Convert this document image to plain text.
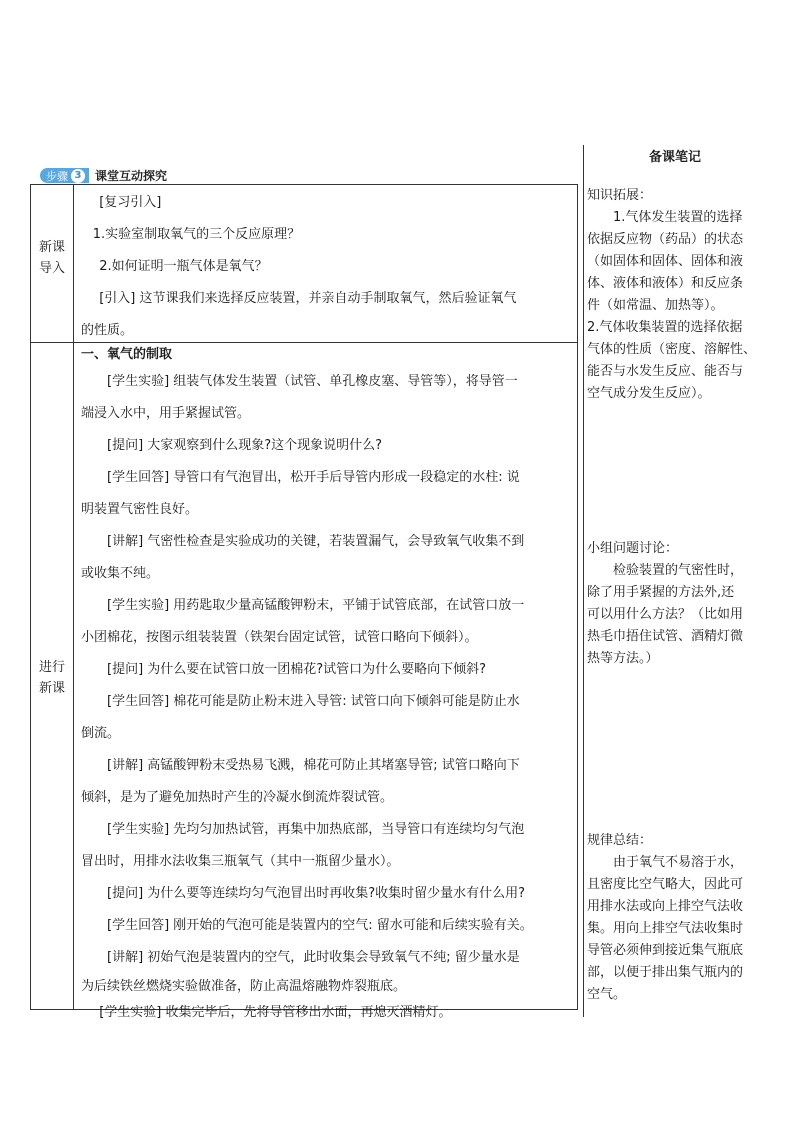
步骤 3 课堂互动探究
新课
导入

[复习引入]

1.实验室制取氧气的三个反应原理？

2.如何证明一瓶气体是氧气？

[引入] 这节课我们来选择反应装置，并亲自动手制取氧气，然后验证氧气

的性质。

进行
新课

一、氧气的制取

[学生实验] 组装气体发生装置（试管、单孔橡皮塞、导管等），将导管一

端浸入水中，用手紧握试管。

[提问] 大家观察到什么现象?这个现象说明什么?

[学生回答] 导管口有气泡冒出，松开手后导管内形成一段稳定的水柱: 说

明装置气密性良好。

[讲解] 气密性检查是实验成功的关键，若装置漏气，会导致氧气收集不到

或收集不纯。

[学生实验] 用药匙取少量高锰酸钾粉末，平铺于试管底部，在试管口放一

小团棉花，按图示组装装置（铁架台固定试管，试管口略向下倾斜）。

[提问] 为什么要在试管口放一团棉花?试管口为什么要略向下倾斜?

[学生回答] 棉花可能是防止粉末进入导管: 试管口向下倾斜可能是防止水

倒流。

[讲解] 高锰酸钾粉末受热易飞溅，棉花可防止其堵塞导管; 试管口略向下

倾斜，是为了避免加热时产生的冷凝水倒流炸裂试管。

[学生实验] 先均匀加热试管，再集中加热底部，当导管口有连续均匀气泡

冒出时，用排水法收集三瓶氧气（其中一瓶留少量水）。

[提问] 为什么要等连续均匀气泡冒出时再收集?收集时留少量水有什么用?

[学生回答] 刚开始的气泡可能是装置内的空气: 留水可能和后续实验有关。

[讲解] 初始气泡是装置内的空气，此时收集会导致氧气不纯; 留少量水是

为后续铁丝燃烧实验做准备，防止高温熔融物炸裂瓶底。

[学生实验] 收集完毕后，先将导管移出水面，再熄灭酒精灯。

备课笔记

知识拓展：

1.气体发生装置的选择

依据反应物（药品）的状态

（如固体和固体、固体和液

体、液体和液体）和反应条

件（如常温、加热等）。

2.气体收集装置的选择依据

气体的性质（密度、溶解性、

能否与水发生反应、能否与

空气成分发生反应）。

小组问题讨论：

检验装置的气密性时，

除了用手紧握的方法外,还

可以用什么方法？（比如用

热毛巾捂住试管、酒精灯微

热等方法。）

规律总结：

由于氧气不易溶于水，

且密度比空气略大，因此可

用排水法或向上排空气法收

集。用向上排空气法收集时

导管必须伸到接近集气瓶底

部，以便于排出集气瓶内的

空气。
